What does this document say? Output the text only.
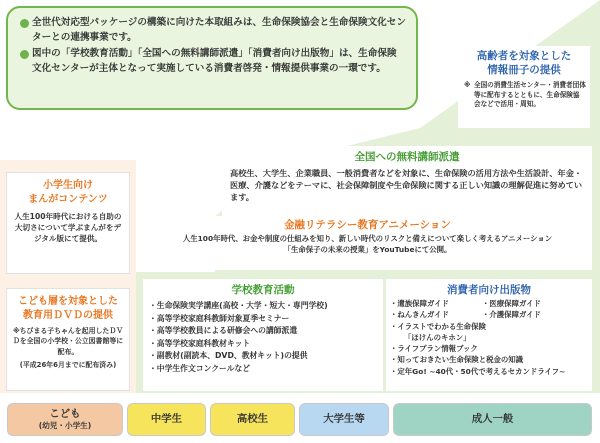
全世代対応型パッケージの構築に向けた本取組みは、生命保険協会と生命保険文化センターとの連携事業です。

図中の「学校教育活動」「全国への無料講師派遣」「消費者向け出版物」は、生命保険文化センターが主体となって実施している消費者啓発・情報提供事業の一環です。

高齢者を対象とした
情報冊子の提供
※ 全国の消費生活センター・消費者団体等に配布するとともに、生命保険協会などで活用・周知。
全国への無料講師派遣
高校生、大学生、企業職員、一般消費者などを対象に、生命保険の活用方法や生活設計、年金・医療、介護などをテーマに、社会保障制度や生命保険に関する正しい知識の理解促進に努めています。
金融リテラシー教育アニメーション
人生100年時代、お金や制度の仕組みを知り、新しい時代のリスクと備えについて楽しく考えるアニメーション
「生命保子の未来の授業」をYouTubeにて公開。
小学生向け
まんがコンテンツ
人生100年時代における自助の大切さについて学ぶまんがをデジタル版にて提供。
こども層を対象とした
教育用ＤＶＤの提供
※ちびまる子ちゃんを起用したＤＶＤを全国の小学校・公立図書館等に配布。
(平成26年6月までに配布済み)
学校教育活動
・生命保険実学講座(高校・大学・短大・専門学校)
・高等学校家庭科教師対象夏季セミナー
・高等学校教員による研修会への講師派遣
・高等学校家庭科教材キット
・副教材(副読本、DVD、教材キット)の提供
・中学生作文コンクールなど
消費者向け出版物
・遺族保障ガイド	・医療保障ガイド
・ねんきんガイド	・介護保障ガイド
・イラストでわかる生命保険
「ほけんのキホン」
・ライフプラン情報ブック
・知っておきたい生命保険と税金の知識
・定年Go! ~40代・50代で考えるセカンドライフ~
こども
(幼児・小学生)
中学生	高校生	大学生等	成人一般
